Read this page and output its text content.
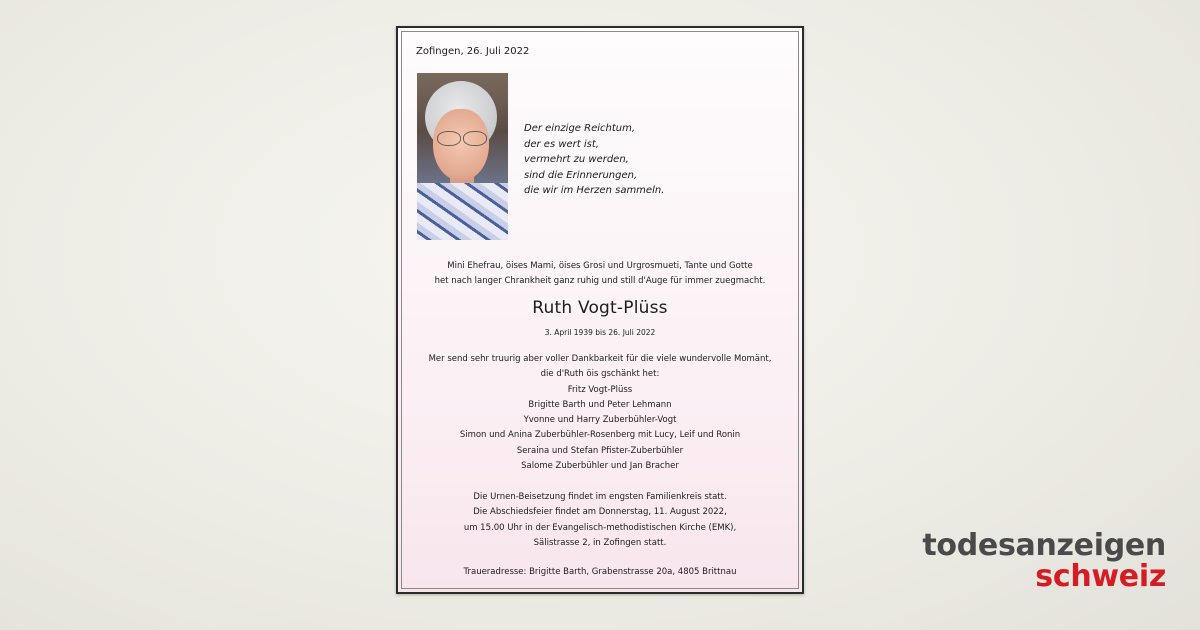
Zofingen, 26. Juli 2022
Der einzige Reichtum,
der es wert ist,
vermehrt zu werden,
sind die Erinnerungen,
die wir im Herzen sammeln.
Mini Ehefrau, öises Mami, öises Grosi und Urgrosmueti, Tante und Gotte
het nach langer Chrankheit ganz ruhig und still d'Auge für immer zuegmacht.
Ruth Vogt-Plüss
3. April 1939 bis 26. Juli 2022
Mer send sehr truurig aber voller Dankbarkeit für die viele wundervolle Momänt,
die d'Ruth öis gschänkt het:
Fritz Vogt-Plüss
Brigitte Barth und Peter Lehmann
Yvonne und Harry Zuberbühler-Vogt
Simon und Anina Zuberbühler-Rosenberg mit Lucy, Leif und Ronin
Seraina und Stefan Pfister-Zuberbühler
Salome Zuberbühler und Jan Bracher
Die Urnen-Beisetzung findet im engsten Familienkreis statt.
Die Abschiedsfeier findet am Donnerstag, 11. August 2022,
um 15.00 Uhr in der Evangelisch-methodistischen Kirche (EMK),
Sälistrasse 2, in Zofingen statt.
Traueradresse: Brigitte Barth, Grabenstrasse 20a, 4805 Brittnau
todesanzeigen
schweiz
